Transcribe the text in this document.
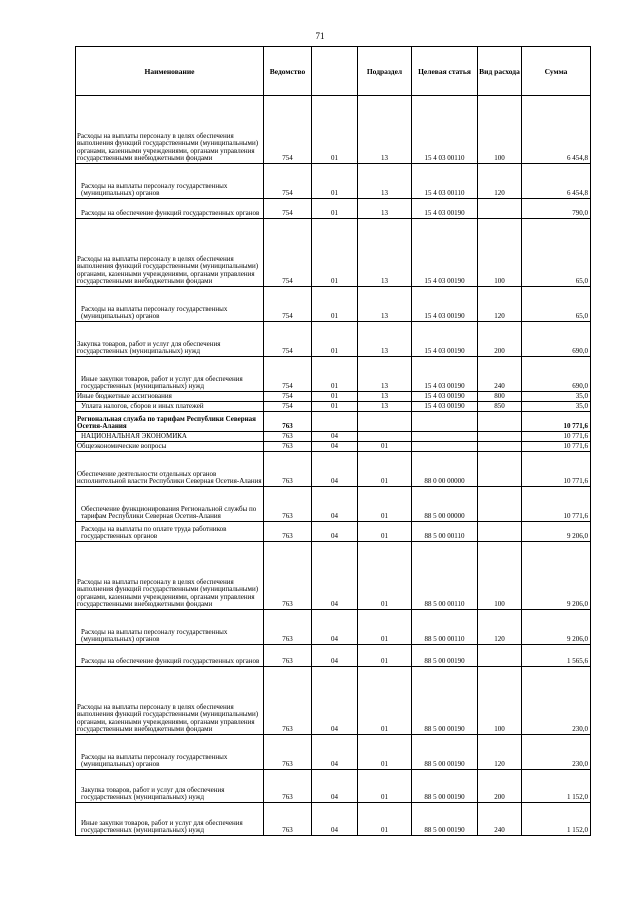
71
Наименование	Ведомство		Подраздел	Целевая статья	Вид расхода	Сумма
Расходы на выплаты персоналу в целях обеспечения выполнения функций государственными (муниципальными) органами, казенными учреждениями, органами управления государственными внебюджетными фондами	754	01	13	15 4 03 00110	100	6 454,8
Расходы на выплаты персоналу государственных (муниципальных) органов	754	01	13	15 4 03 00110	120	6 454,8
Расходы на обеспечение функций государственных органов	754	01	13	15 4 03 00190		790,0
Расходы на выплаты персоналу в целях обеспечения выполнения функций государственными (муниципальными) органами, казенными учреждениями, органами управления государственными внебюджетными фондами	754	01	13	15 4 03 00190	100	65,0
Расходы на выплаты персоналу государственных (муниципальных) органов	754	01	13	15 4 03 00190	120	65,0
Закупка товаров, работ и услуг для обеспечения государственных (муниципальных) нужд	754	01	13	15 4 03 00190	200	690,0
Иные закупки товаров, работ и услуг для обеспечения государственных (муниципальных) нужд	754	01	13	15 4 03 00190	240	690,0
Иные бюджетные ассигнования	754	01	13	15 4 03 00190	800	35,0
Уплата налогов, сборов и иных платежей	754	01	13	15 4 03 00190	850	35,0
Региональная служба по тарифам Республики Северная Осетия-Алания	763					10 771,6
НАЦИОНАЛЬНАЯ ЭКОНОМИКА	763	04				10 771,6
Общеэкономические вопросы	763	04	01			10 771,6
Обеспечение деятельности отдельных органов исполнительной власти Республики Северная Осетия-Алания	763	04	01	88 0 00 00000		10 771,6
Обеспечение функционирования Региональной службы по тарифам Республики Северная Осетия-Алания	763	04	01	88 5 00 00000		10 771,6
Расходы на выплаты по оплате труда работников государственных органов	763	04	01	88 5 00 00110		9 206,0
Расходы на выплаты персоналу в целях обеспечения выполнения функций государственными (муниципальными) органами, казенными учреждениями, органами управления государственными внебюджетными фондами	763	04	01	88 5 00 00110	100	9 206,0
Расходы на выплаты персоналу государственных (муниципальных) органов	763	04	01	88 5 00 00110	120	9 206,0
Расходы на обеспечение функций государственных органов	763	04	01	88 5 00 00190		1 565,6
Расходы на выплаты персоналу в целях обеспечения выполнения функций государственными (муниципальными) органами, казенными учреждениями, органами управления государственными внебюджетными фондами	763	04	01	88 5 00 00190	100	230,0
Расходы на выплаты персоналу государственных (муниципальных) органов	763	04	01	88 5 00 00190	120	230,0
Закупка товаров, работ и услуг для обеспечения государственных (муниципальных) нужд	763	04	01	88 5 00 00190	200	1 152,0
Иные закупки товаров, работ и услуг для обеспечения государственных (муниципальных) нужд	763	04	01	88 5 00 00190	240	1 152,0
